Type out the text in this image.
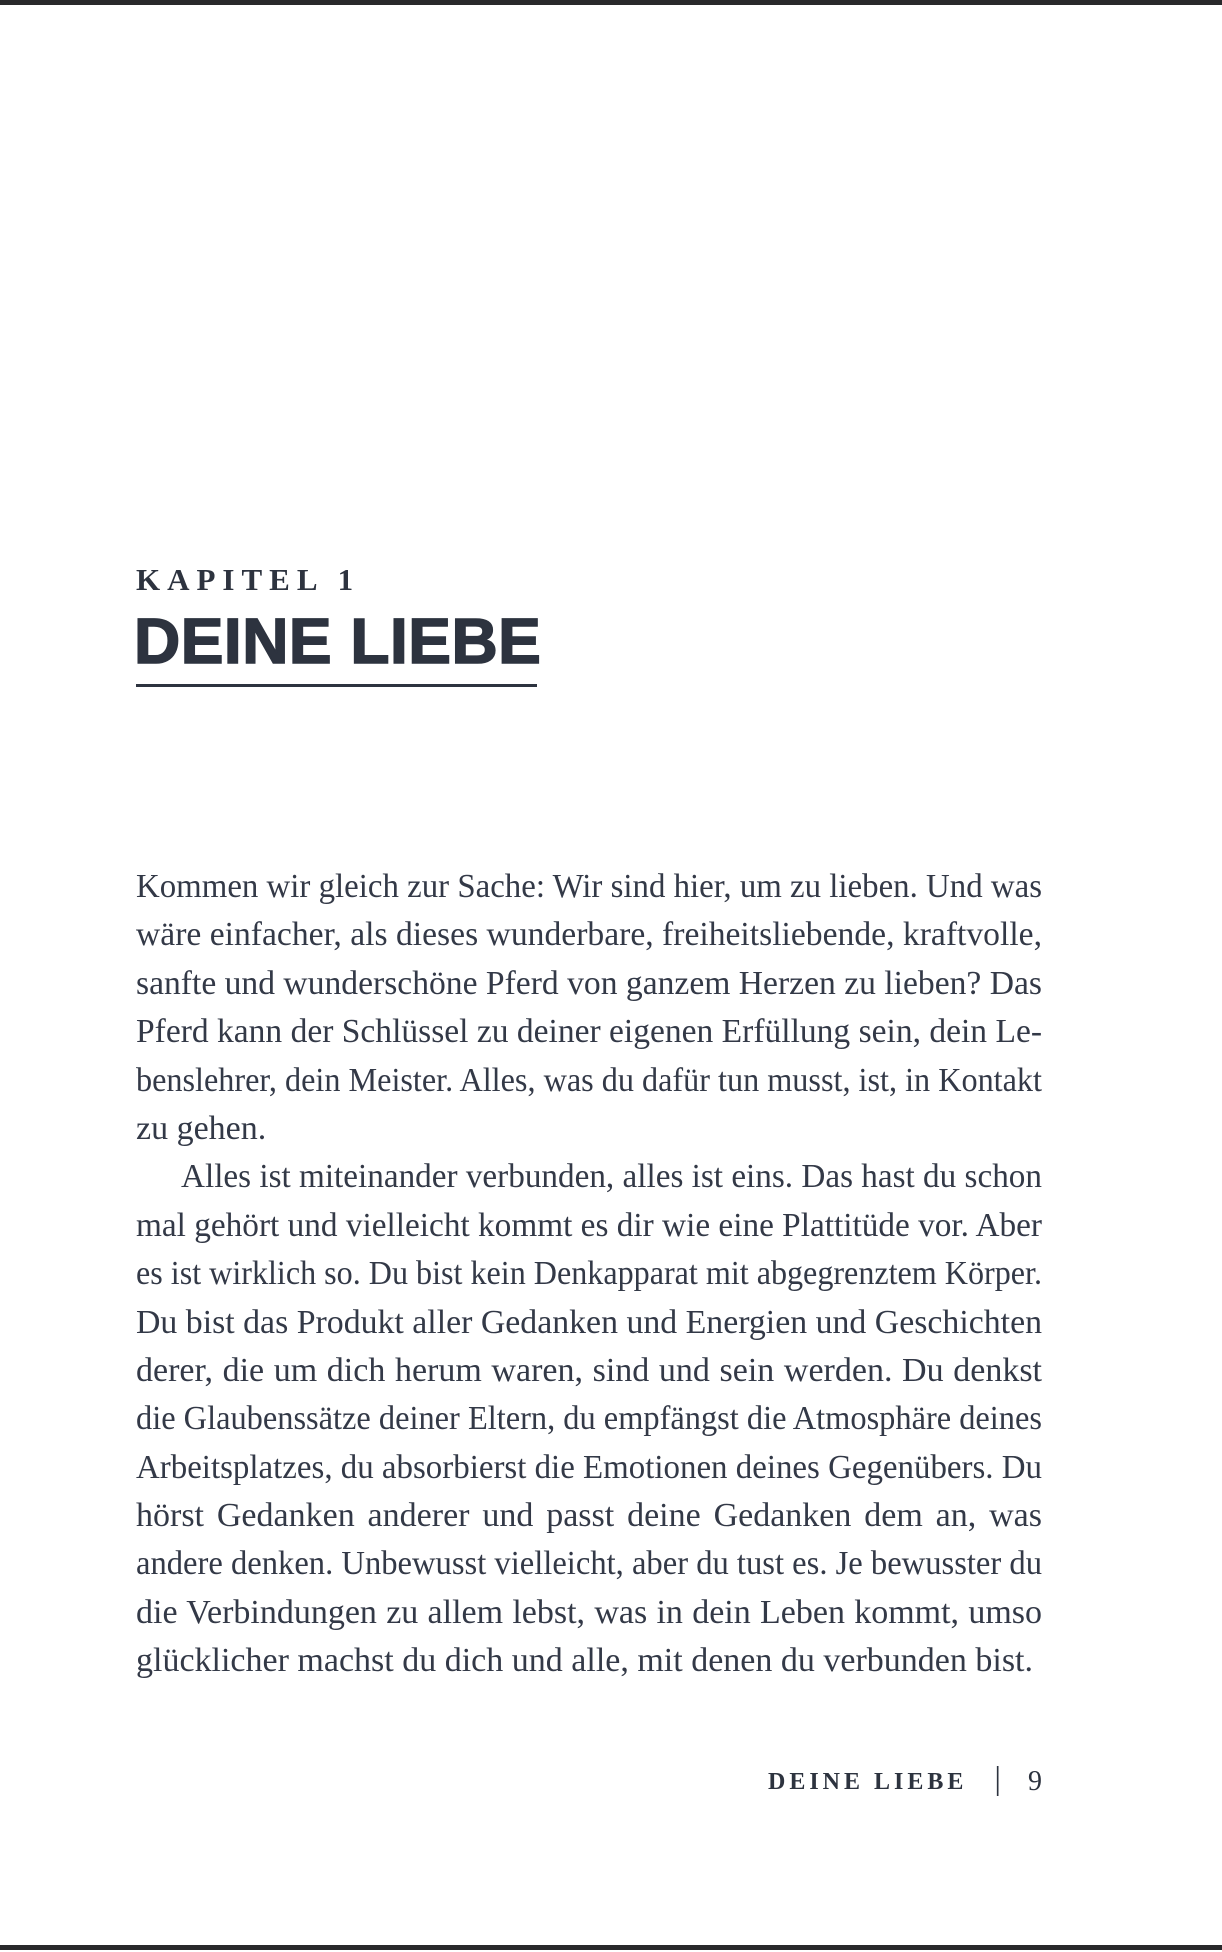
KAPITEL 1
DEINE LIEBE
Kommen wir gleich zur Sache: Wir sind hier, um zu lieben. Und was
wäre einfacher, als dieses wunderbare, freiheitsliebende, kraftvolle,
sanfte und wunderschöne Pferd von ganzem Herzen zu lieben? Das
Pferd kann der Schlüssel zu deiner eigenen Erfüllung sein, dein Le-
benslehrer, dein Meister. Alles, was du dafür tun musst, ist, in Kontakt
zu gehen.
Alles ist miteinander verbunden, alles ist eins. Das hast du schon
mal gehört und vielleicht kommt es dir wie eine Plattitüde vor. Aber
es ist wirklich so. Du bist kein Denkapparat mit abgegrenztem Körper.
Du bist das Produkt aller Gedanken und Energien und Geschichten
derer, die um dich herum waren, sind und sein werden. Du denkst
die Glaubenssätze deiner Eltern, du empfängst die Atmosphäre deines
Arbeitsplatzes, du absorbierst die Emotionen deines Gegenübers. Du
hörst Gedanken anderer und passt deine Gedanken dem an, was
andere denken. Unbewusst vielleicht, aber du tust es. Je bewusster du
die Verbindungen zu allem lebst, was in dein Leben kommt, umso
glücklicher machst du dich und alle, mit denen du verbunden bist.
DEINE LIEBE | 9
